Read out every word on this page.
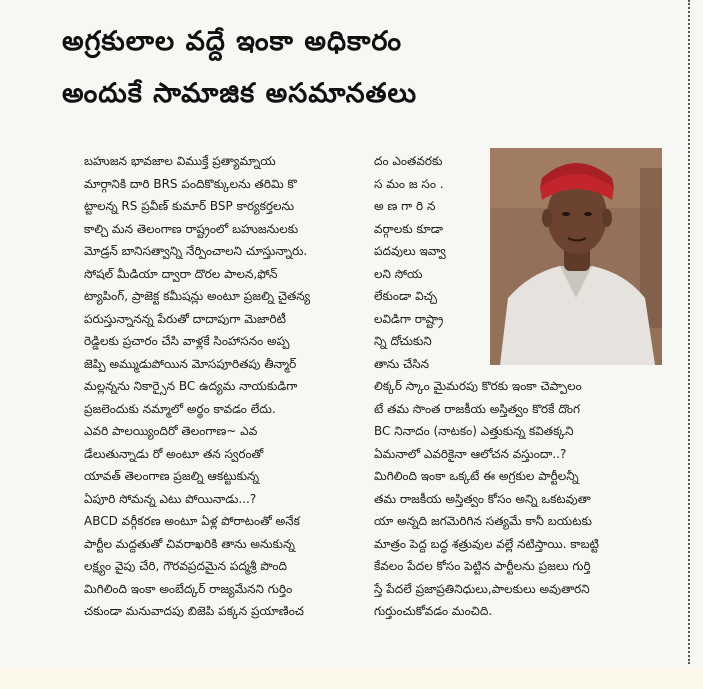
అగ్రకులాల వద్దే ఇంకా అధికారం
అందుకే సామాజిక అసమానతలు
బహుజన భావజాల విముక్తే ప్రత్యామ్నాయ
మార్గానికి దారి BRS పందికొక్కులను తరిమి కొ
ట్టాలన్న RS ప్రవీణ్ కుమార్ BSP కార్యకర్తలను
కాల్చి మన తెలంగాణ రాష్ట్రంలో బహుజనులకు
మోడ్రన్ బానిసత్వాన్ని నేర్పించాలని చూస్తున్నారు.
సోషల్ మీడియా ద్వారా దొరల పాలన,ఫోన్
ట్యాపింగ్, ప్రాజెక్ట కమీషన్లు అంటూ ప్రజల్ని చైతన్య
పరుస్తున్నానన్న పేరుతో దాదాపుగా మెజారిటీ
రెడ్డిలకు ప్రచారం చేసి వాళ్లకే సింహాసనం అప్ప
జెప్పి అమ్ముడుపోయిన మోసపూరితపు తీన్మార్
మల్లన్నను నికార్సైన BC ఉద్యమ నాయకుడిగా
ప్రజలెందుకు నమ్మాలో అర్థం కావడం లేదు.
ఎవరి పాలయ్యిందిరో తెలంగాణ~ ఎవ
డేలుతున్నాడు రో అంటూ తన స్వరంతో
యావత్ తెలంగాణ ప్రజల్ని ఆకట్టుకున్న
ఏపూరి సోమన్న ఎటు పోయినాడు...?
ABCD వర్గీకరణ అంటూ ఏళ్ల పోరాటంతో అనేక
పార్టీల మద్దతుతో చివరాఖరికి తాను అనుకున్న
లక్ష్యం వైపు చేరి, గౌరవప్రదమైన పద్మశ్రీ పొంది
మిగిలింది ఇంకా అంబేద్కర్ రాజ్యమేనని గుర్తిం
చకుండా మనువాదపు బిజెపి పక్కన ప్రయాణించ
దం ఎంతవరకు
స మం జ సం .
అ ణ గా రి న
వర్గాలకు కూడా
పదవులు ఇవ్వా
లని సోయ
లేకుండా విచ్చ
లవిడిగా రాష్ట్రా
న్ని దోచుకుని
తాను చేసిన
లిక్కర్ స్కాం మైమరపు కొరకు ఇంకా చెప్పాలం
టే తమ సొంత రాజకీయ అస్తిత్వం కొరకే దొంగ
BC నినాదం (నాటకం) ఎత్తుకున్న కవితక్కని
ఏమనాలో ఎవరికైనా ఆలోచన వస్తుందా..?
మిగిలింది ఇంకా ఒక్కటే ఈ అగ్రకుల పార్టీలన్నీ
తమ రాజకీయ అస్తిత్వం కోసం అన్ని ఒకటవుతా
యా అన్నది జగమెరిగిన సత్యమే కానీ బయటకు
మాత్రం పెద్ద బద్ధ శత్రువుల వల్లే నటిస్తాయి. కాబట్టి
కేవలం పేదల కోసం పెట్టిన పార్టీలను ప్రజలు గుర్తి
స్తే పేదలే ప్రజాప్రతినిధులు,పాలకులు అవుతారని
గుర్తుంచుకోవడం మంచిది.
